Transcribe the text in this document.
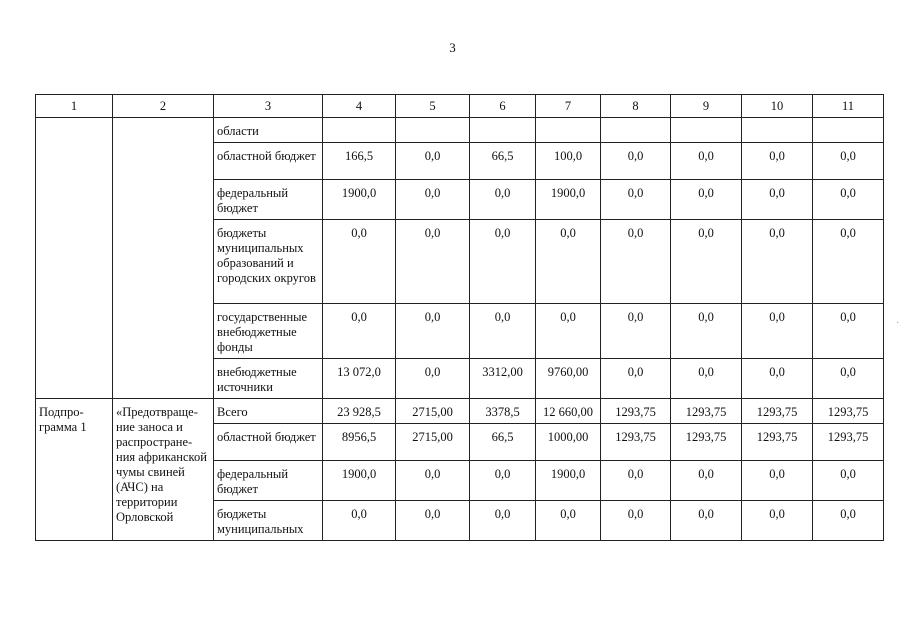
3
1	2	3	4	5	6	7	8	9	10	11
		области								
		областной бюджет	166,5	0,0	66,5	100,0	0,0	0,0	0,0	0,0
		федеральный бюджет	1900,0	0,0	0,0	1900,0	0,0	0,0	0,0	0,0
		бюджеты муниципальных образований и городских округов	0,0	0,0	0,0	0,0	0,0	0,0	0,0	0,0
		государственные внебюджетные фонды	0,0	0,0	0,0	0,0	0,0	0,0	0,0	0,0
		внебюджетные источники	13 072,0	0,0	3312,00	9760,00	0,0	0,0	0,0	0,0
Подпро- грамма 1	«Предотвраще- ние заноса и распространe- ния африканской чумы свиней (АЧС) на территории Орловской	Всего	23 928,5	2715,00	3378,5	12 660,00	1293,75	1293,75	1293,75	1293,75
		областной бюджет	8956,5	2715,00	66,5	1000,00	1293,75	1293,75	1293,75	1293,75
		федеральный бюджет	1900,0	0,0	0,0	1900,0	0,0	0,0	0,0	0,0
		бюджеты муниципальных	0,0	0,0	0,0	0,0	0,0	0,0	0,0	0,0
·
